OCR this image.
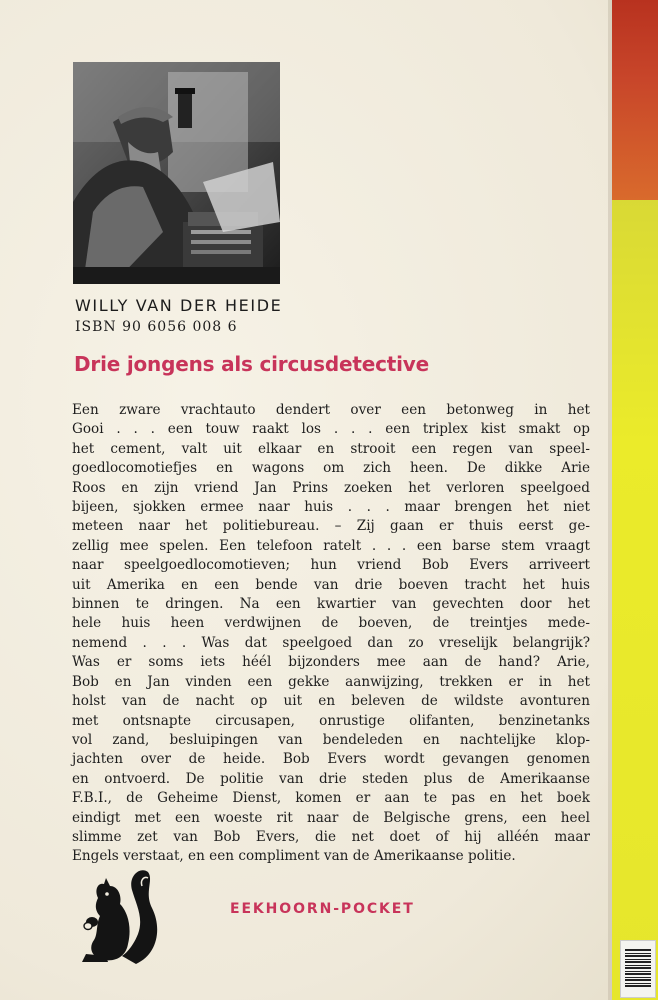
WILLY VAN DER HEIDE
ISBN 90 6056 008 6
Drie jongens als circusdetective
Een zware vrachtauto dendert over een betonweg in het
Gooi . . . een touw raakt los . . . een triplex kist smakt op
het cement, valt uit elkaar en strooit een regen van speel-
goedlocomotiefjes en wagons om zich heen. De dikke Arie
Roos en zijn vriend Jan Prins zoeken het verloren speelgoed
bijeen, sjokken ermee naar huis . . . maar brengen het niet
meteen naar het politiebureau. – Zij gaan er thuis eerst ge-
zellig mee spelen. Een telefoon ratelt . . . een barse stem vraagt
naar speelgoedlocomotieven; hun vriend Bob Evers arriveert
uit Amerika en een bende van drie boeven tracht het huis
binnen te dringen. Na een kwartier van gevechten door het
hele huis heen verdwijnen de boeven, de treintjes mede-
nemend . . . Was dat speelgoed dan zo vreselijk belangrijk?
Was er soms iets héél bijzonders mee aan de hand? Arie,
Bob en Jan vinden een gekke aanwijzing, trekken er in het
holst van de nacht op uit en beleven de wildste avonturen
met ontsnapte circusapen, onrustige olifanten, benzinetanks
vol zand, besluipingen van bendeleden en nachtelijke klop-
jachten over de heide. Bob Evers wordt gevangen genomen
en ontvoerd. De politie van drie steden plus de Amerikaanse
F.B.I., de Geheime Dienst, komen er aan te pas en het boek
eindigt met een woeste rit naar de Belgische grens, een heel
slimme zet van Bob Evers, die net doet of hij alléén maar
Engels verstaat, en een compliment van de Amerikaanse politie.
EEKHOORN-POCKET
